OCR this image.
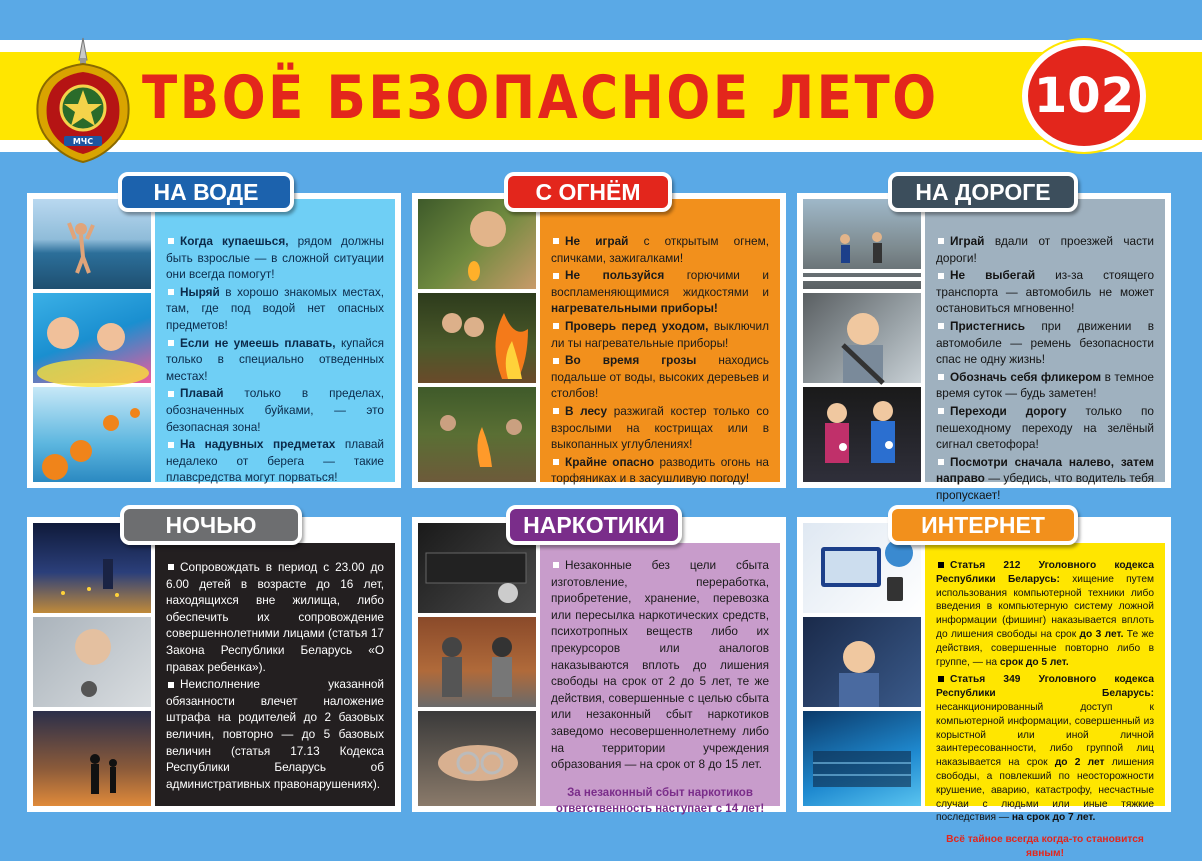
МЧС
ТВОЁ БЕЗОПАСНОЕ ЛЕТО 102

Когда купаешься, рядом должны быть взрослые — в сложной ситуации они всегда помогут!

Ныряй в хорошо знакомых местах, там, где под водой нет опасных предметов!

Если не умеешь плавать, купайся только в специально отведенных местах!

Плавай только в пределах, обозначенных буйками, — это безопасная зона!

На надувных предметах плавай недалеко от берега — такие плавсредства могут порваться!

НА ВОДЕ

Не играй с открытым огнем, спичками, зажигалками!

Не пользуйся горючими и воспламеняющимися жидкостями и нагревательными приборы!

Проверь перед уходом, выключил ли ты нагревательные приборы!

Во время грозы находись подальше от воды, высоких деревьев и столбов!

В лесу разжигай костер только со взрослыми на кострищах или в выкопанных углублениях!

Крайне опасно разводить огонь на торфяниках и в засушливую погоду!

С ОГНЁМ

Играй вдали от проезжей части дороги!

Не выбегай из-за стоящего транспорта — автомобиль не может остановиться мгновенно!

Пристегнись при движении в автомобиле — ремень безопасности спас не одну жизнь!

Обозначь себя фликером в темное время суток — будь заметен!

Переходи дорогу только по пешеходному переходу на зелёный сигнал светофора!

Посмотри сначала налево, затем направо — убедись, что водитель тебя пропускает!

НА ДОРОГЕ

Сопровождать в период с 23.00 до 6.00 детей в возрасте до 16 лет, находящихся вне жилища, либо обеспечить их сопровождение совершеннолетними лицами (статья 17 Закона Республики Беларусь «О правах ребенка»).

Неисполнение указанной обязанности влечет наложение штрафа на родителей до 2 базовых величин, повторно — до 5 базовых величин (статья 17.13 Кодекса Республики Беларусь об административных правонарушениях).

НОЧЬЮ

Незаконные без цели сбыта изготовление, переработка, приобретение, хранение, перевозка или пересылка наркотических средств, психотропных веществ либо их прекурсоров или аналогов наказываются вплоть до лишения свободы на срок от 2 до 5 лет, те же действия, совершенные с целью сбыта или незаконный сбыт наркотиков заведомо несовершеннолетнему либо на территории учреждения образования — на срок от 8 до 15 лет.

За незаконный сбыт наркотиков ответственность наступает с 14 лет!

НАРКОТИКИ

Статья 212 Уголовного кодекса Республики Беларусь: хищение путем использования компьютерной техники либо введения в компьютерную систему ложной информации (фишинг) наказывается вплоть до лишения свободы на срок до 3 лет. Те же действия, совершенные повторно либо в группе, — на срок до 5 лет.

Статья 349 Уголовного кодекса Республики Беларусь: несанкционированный доступ к компьютерной информации, совершенный из корыстной или иной личной заинтересованности, либо группой лиц наказывается на срок до 2 лет лишения свободы, а повлекший по неосторожности крушение, аварию, катастрофу, несчастные случаи с людьми или иные тяжкие последствия — на срок до 7 лет.

Всё тайное всегда когда-то становится явным!

ИНТЕРНЕТ
